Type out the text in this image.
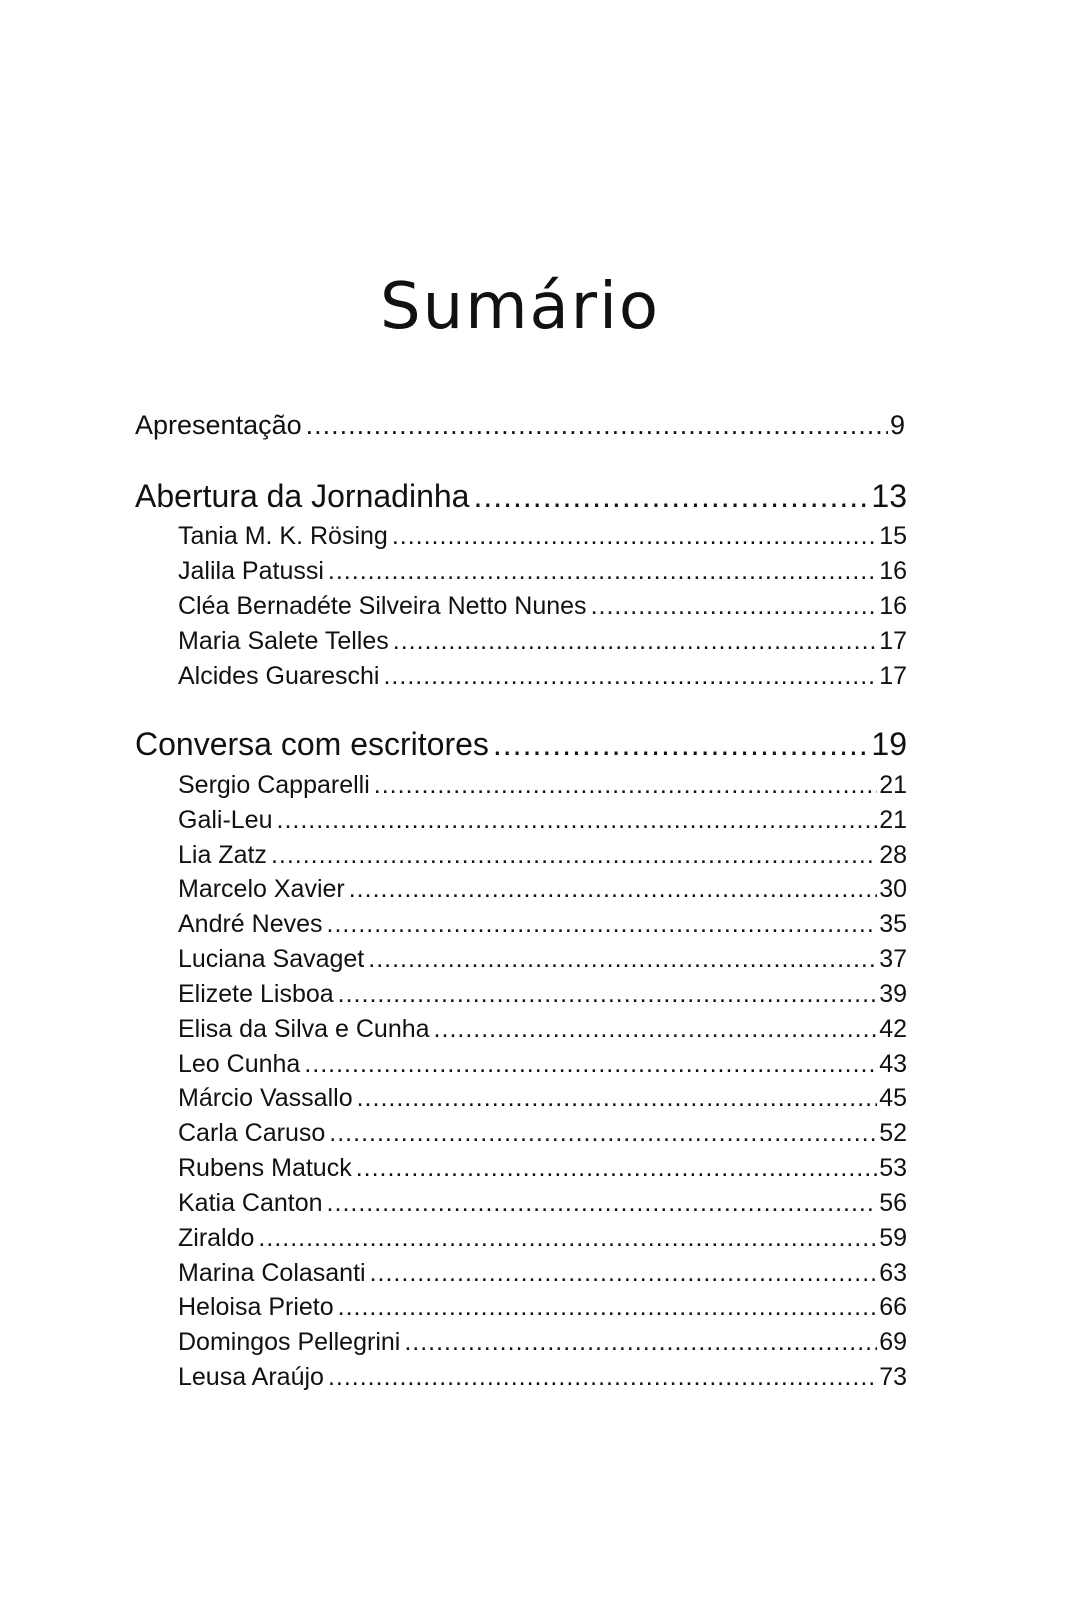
Sumário
Apresentação .....	9
Abertura da Jornadinha .....	13
Tania M. K. Rösing .....	15
Jalila Patussi .....	16
Cléa Bernadéte Silveira Netto Nunes .....	16
Maria Salete Telles .....	17
Alcides Guareschi .....	17
Conversa com escritores .....	19
Sergio Capparelli .....	21
Gali-Leu .....	21
Lia Zatz .....	28
Marcelo Xavier .....	30
André Neves .....	35
Luciana Savaget .....	37
Elizete Lisboa .....	39
Elisa da Silva e Cunha .....	42
Leo Cunha .....	43
Márcio Vassallo .....	45
Carla Caruso .....	52
Rubens Matuck .....	53
Katia Canton .....	56
Ziraldo .....	59
Marina Colasanti .....	63
Heloisa Prieto .....	66
Domingos Pellegrini .....	69
Leusa Araújo .....	73
